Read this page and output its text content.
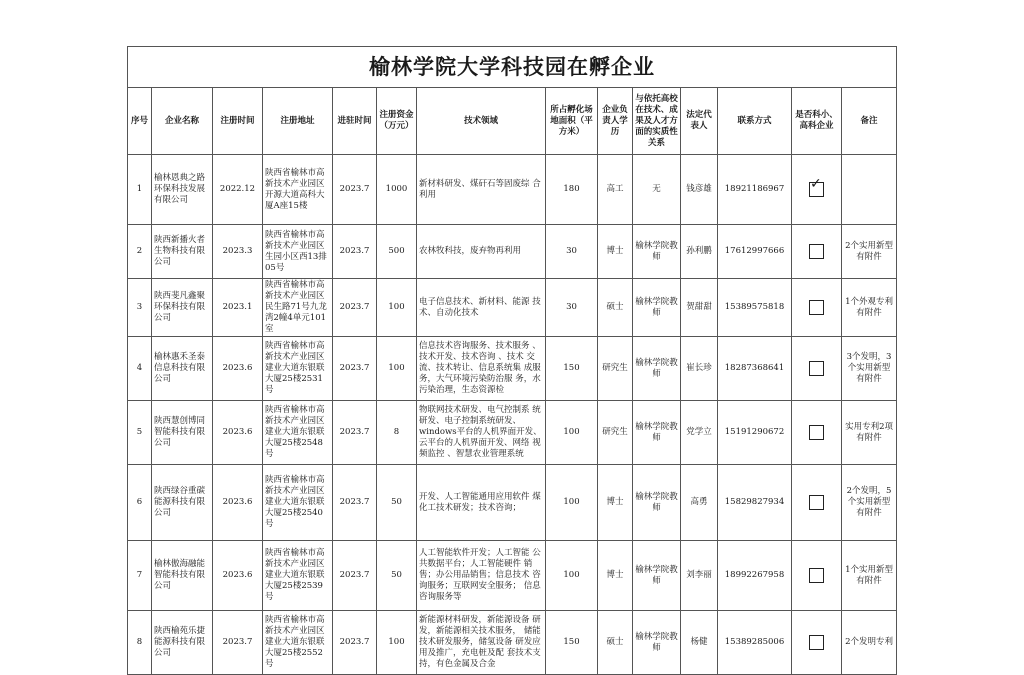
榆林学院大学科技园在孵企业													
序号	企业名称	注册时间	注册地址	进驻时间	注册资金（万元）	技术领域	所占孵化场地面积（平方米）	企业负责人学历	与依托高校在技术、成果及人才方面的实质性关系	法定代表人	联系方式	是否科小、高科企业	备注
1	榆林恩典之路环保科技发展有限公司	2022.12	陕西省榆林市高新技术产业园区开源大道高科大厦A座15楼	2023.7	1000	新材料研发、煤矸石等固废综 合利用	180	高工	无	钱彦雄	18921186967	✓	
2	陕西新播火者生物科技有限公司	2023.3	陕西省榆林市高新技术产业园区生园小区西13排05号	2023.7	500	农林牧科技，废弃物再利用	30	博士	榆林学院教师	孙利鹏	17612997666		2个实用新型有附件
3	陕西斐凡鑫聚环保科技有限公司	2023.1	陕西省榆林市高新技术产业园区民生路71号九龙湾2幢4单元101室	2023.7	100	电子信息技术、新材料、能源 技术、自动化技术	30	硕士	榆林学院教师	贺甜甜	15389575818		1个外观专利有附件
4	榆林惠禾圣泰信息科技有限公司	2023.6	陕西省榆林市高新技术产业园区建业大道东银联大厦25楼2531号	2023.7	100	信息技术咨询服务、技术服务 、技术开发、技术咨询 、技术 交流、技术转让、信息系统集 成服务，大气环境污染防治服 务，水污染治理，生态资源检	150	研究生	榆林学院教师	崔长珍	18287368641		3个发明，3个实用新型有附件
5	陕西慧创博同智能科技有限公司	2023.6	陕西省榆林市高新技术产业园区建业大道东银联大厦25楼2548号	2023.7	8	物联网技术研发、电气控制系 统研发、电子控制系统研发、 windows平台的人机界面开发、 云平台的人机界面开发、网络 视频监控 、智慧农业管理系统	100	研究生	榆林学院教师	党学立	15191290672		实用专利2项有附件
6	陕西绿谷重碳能源科技有限公司	2023.6	陕西省榆林市高新技术产业园区建业大道东银联大厦25楼2540号	2023.7	50	开发、人工智能通用应用软件 煤化工技术研发；技术咨询；	100	博士	榆林学院教师	高勇	15829827934		2个发明，5个实用新型有附件
7	榆林傲海融能智能科技有限公司	2023.6	陕西省榆林市高新技术产业园区建业大道东银联大厦25楼2539号	2023.7	50	人工智能软件开发；人工智能 公共数据平台；人工智能硬件 销售；办公用品销售；信息技术 咨询服务；互联网安全服务； 信息咨询服务等	100	博士	榆林学院教师	刘李丽	18992267958		1个实用新型有附件
8	陕西榆苑乐捷能源科技有限公司	2023.7	陕西省榆林市高新技术产业园区建业大道东银联大厦25楼2552号	2023.7	100	新能源材料研发，新能源设备 研发，新能源相关技术服务， 储能技术研发服务，储氢设备 研发应用及推广，充电桩及配 套技术支持，有色金属及合金	150	硕士	榆林学院教师	杨健	15389285006		2个发明专利
